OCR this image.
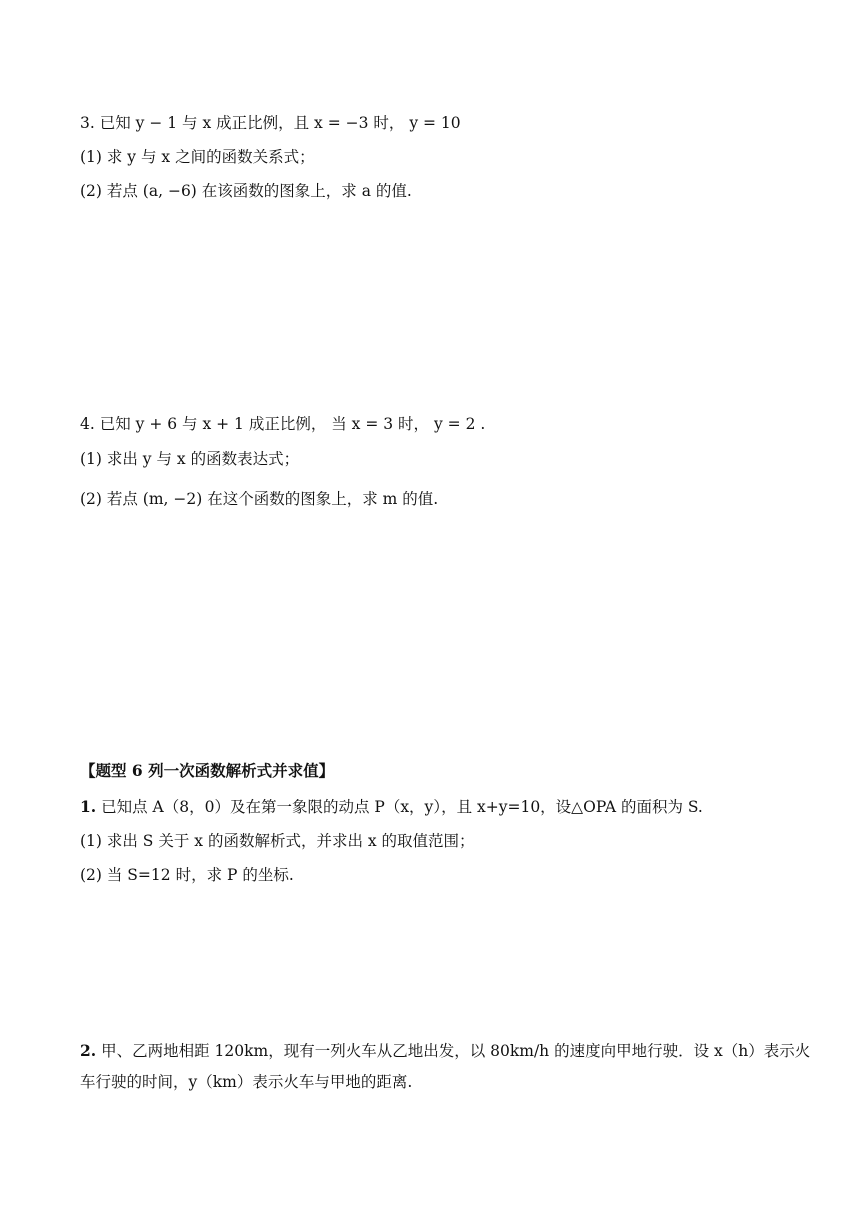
3. 已知 y − 1 与 x 成正比例，且 x = −3 时， y = 10
(1) 求 y 与 x 之间的函数关系式；
(2) 若点 (a, −6) 在该函数的图象上，求 a 的值.
4. 已知 y + 6 与 x + 1 成正比例， 当 x = 3 时， y = 2 .
(1) 求出 y 与 x 的函数表达式；
(2) 若点 (m, −2) 在这个函数的图象上，求 m 的值.
【题型 6 列一次函数解析式并求值】
1. 已知点 A（8，0）及在第一象限的动点 P（x，y），且 x+y=10，设△OPA 的面积为 S.
(1) 求出 S 关于 x 的函数解析式，并求出 x 的取值范围；
(2) 当 S=12 时，求 P 的坐标.
2. 甲、乙两地相距 120km，现有一列火车从乙地出发，以 80km/h 的速度向甲地行驶．设 x（h）表示火车行驶的时间，y（km）表示火车与甲地的距离.
